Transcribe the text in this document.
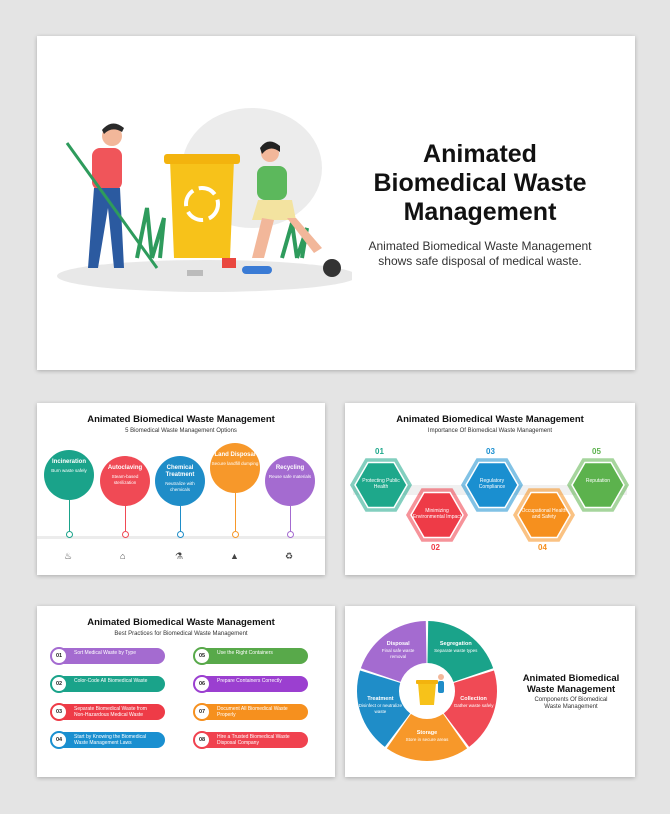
Animated
Biomedical Waste
Management
Animated Biomedical Waste Management
shows safe disposal of medical waste.
Animated Biomedical Waste Management
5 Biomedical Waste Management Options
Incineration
Burn waste safely
♨
Autoclaving
Steam-based sterilization
⌂
Chemical Treatment
Neutralize with chemicals
⚗
Land Disposal
Secure landfill dumping
▲
Recycling
Reuse safe materials
♻
Animated Biomedical Waste Management
Importance Of Biomedical Waste Management
Protecting Public Health
01
Minimizing Environmental Impact
02
Regulatory Compliance
03
Occupational Health and Safety
04
Reputation
05
Animated Biomedical Waste Management
Best Practices for Biomedical Waste Management
01	Sort Medical Waste by Type
02	Color-Code All Biomedical Waste
03	Separate Biomedical Waste from Non-Hazardous Medical Waste
04	Start by Knowing the Biomedical Waste Management Laws
05	Use the Right Containers
06	Prepare Containers Correctly
07	Document All Biomedical Waste Properly
08	Hire a Trusted Biomedical Waste Disposal Company
Segregation
Separate waste types
Collection
Gather waste safely
Storage
Store in secure areas
Treatment
Disinfect or neutralize waste
Disposal
Final safe waste removal
Animated Biomedical
Waste Management
Components Of Biomedical
Waste Management
